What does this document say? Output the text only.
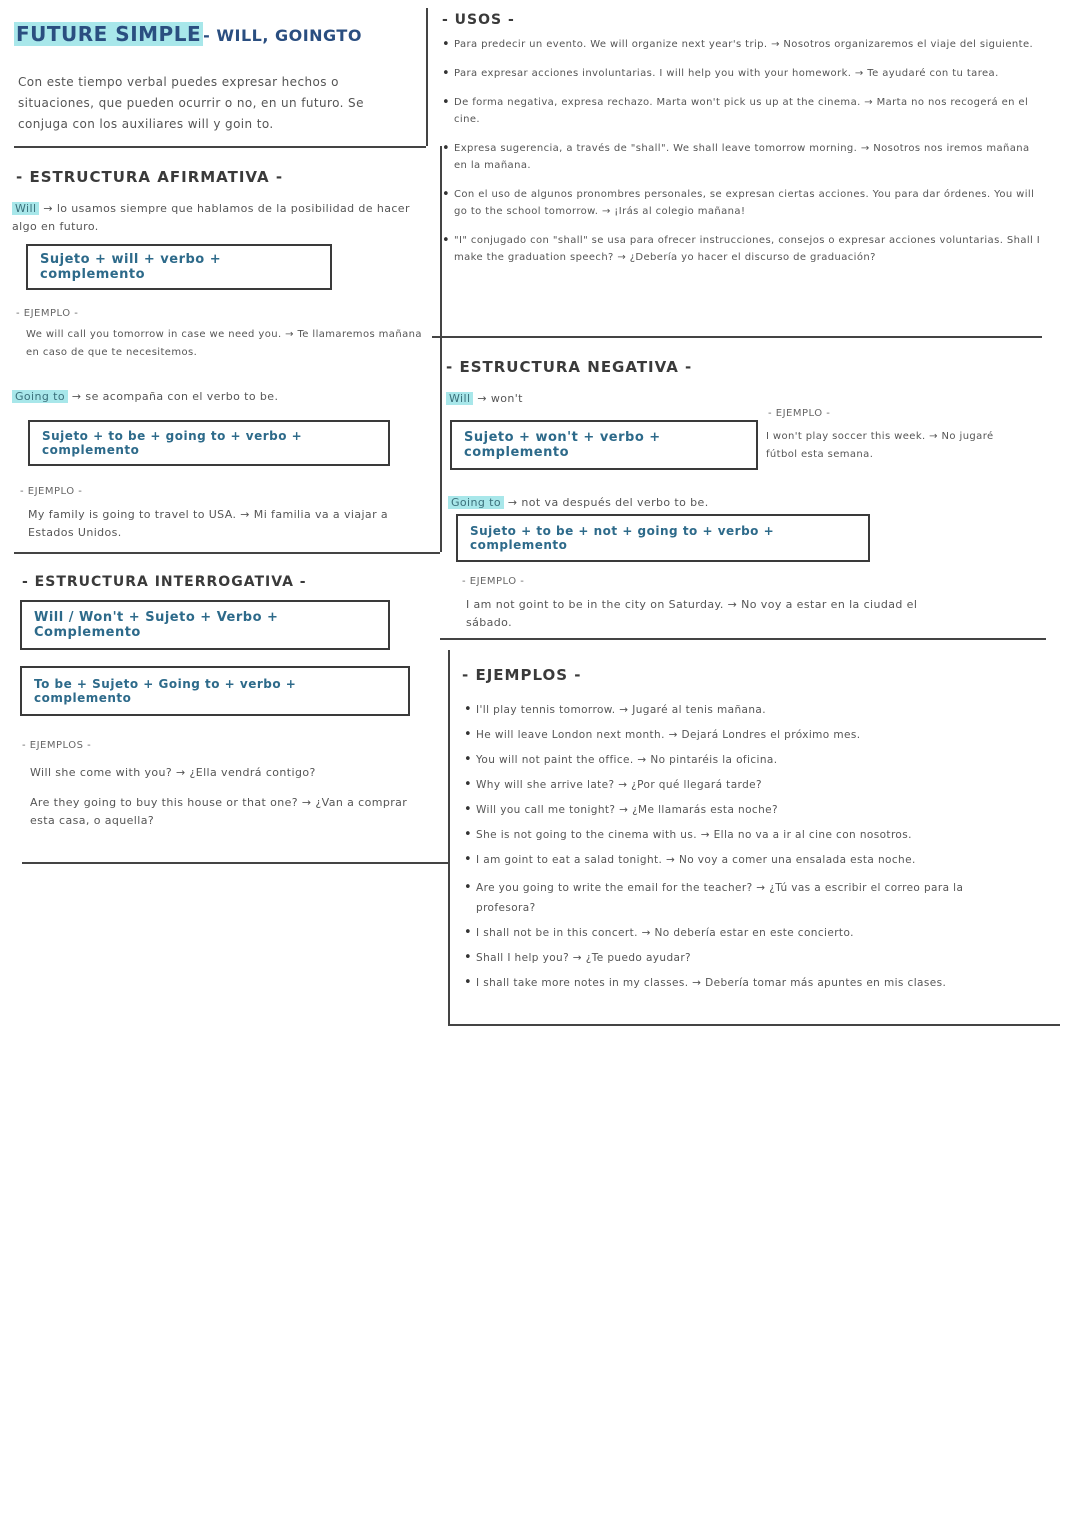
FUTURE SIMPLE - WILL, GOINGTO
Con este tiempo verbal puedes expresar hechos o situaciones, que pueden ocurrir o no, en un futuro. Se conjuga con los auxiliares will y goin to.
- ESTRUCTURA AFIRMATIVA -
Will → lo usamos siempre que hablamos de la posibilidad de hacer algo en futuro.
Sujeto + will + verbo + complemento
- EJEMPLO -
We will call you tomorrow in case we need you. → Te llamaremos mañana en caso de que te necesitemos.
Going to → se acompaña con el verbo to be.
Sujeto + to be + going to + verbo + complemento
- EJEMPLO -
My family is going to travel to USA. → Mi familia va a viajar a Estados Unidos.
- ESTRUCTURA INTERROGATIVA -
Will / Won't + Sujeto + Verbo + Complemento
To be + Sujeto + Going to + verbo + complemento
- EJEMPLOS -
Will she come with you? → ¿Ella vendrá contigo?
Are they going to buy this house or that one? → ¿Van a comprar esta casa, o aquella?
- USOS -
• Para predecir un evento. We will organize next year's trip. → Nosotros organizaremos el viaje del siguiente.
• Para expresar acciones involuntarias. I will help you with your homework. → Te ayudaré con tu tarea.
• De forma negativa, expresa rechazo. Marta won't pick us up at the cinema. → Marta no nos recogerá en el cine.
• Expresa sugerencia, a través de "shall". We shall leave tomorrow morning. → Nosotros nos iremos mañana en la mañana.
• Con el uso de algunos pronombres personales, se expresan ciertas acciones. You para dar órdenes. You will go to the school tomorrow. → ¡Irás al colegio mañana!
• "I" conjugado con "shall" se usa para ofrecer instrucciones, consejos o expresar acciones voluntarias. Shall I make the graduation speech? → ¿Debería yo hacer el discurso de graduación?
- ESTRUCTURA NEGATIVA -
Will → won't
Sujeto + won't + verbo + complemento
- EJEMPLO -
I won't play soccer this week. → No jugaré fútbol esta semana.
Going to → not va después del verbo to be.
Sujeto + to be + not + going to + verbo + complemento
- EJEMPLO -
I am not goint to be in the city on Saturday. → No voy a estar en la ciudad el sábado.
- EJEMPLOS -
• I'll play tennis tomorrow. → Jugaré al tenis mañana.
• He will leave London next month. → Dejará Londres el próximo mes.
• You will not paint the office. → No pintaréis la oficina.
• Why will she arrive late? → ¿Por qué llegará tarde?
• Will you call me tonight? → ¿Me llamarás esta noche?
• She is not going to the cinema with us. → Ella no va a ir al cine con nosotros.
• I am goint to eat a salad tonight. → No voy a comer una ensalada esta noche.
• Are you going to write the email for the teacher? → ¿Tú vas a escribir el correo para la profesora?
• I shall not be in this concert. → No debería estar en este concierto.
• Shall I help you? → ¿Te puedo ayudar?
• I shall take more notes in my classes. → Debería tomar más apuntes en mis clases.
